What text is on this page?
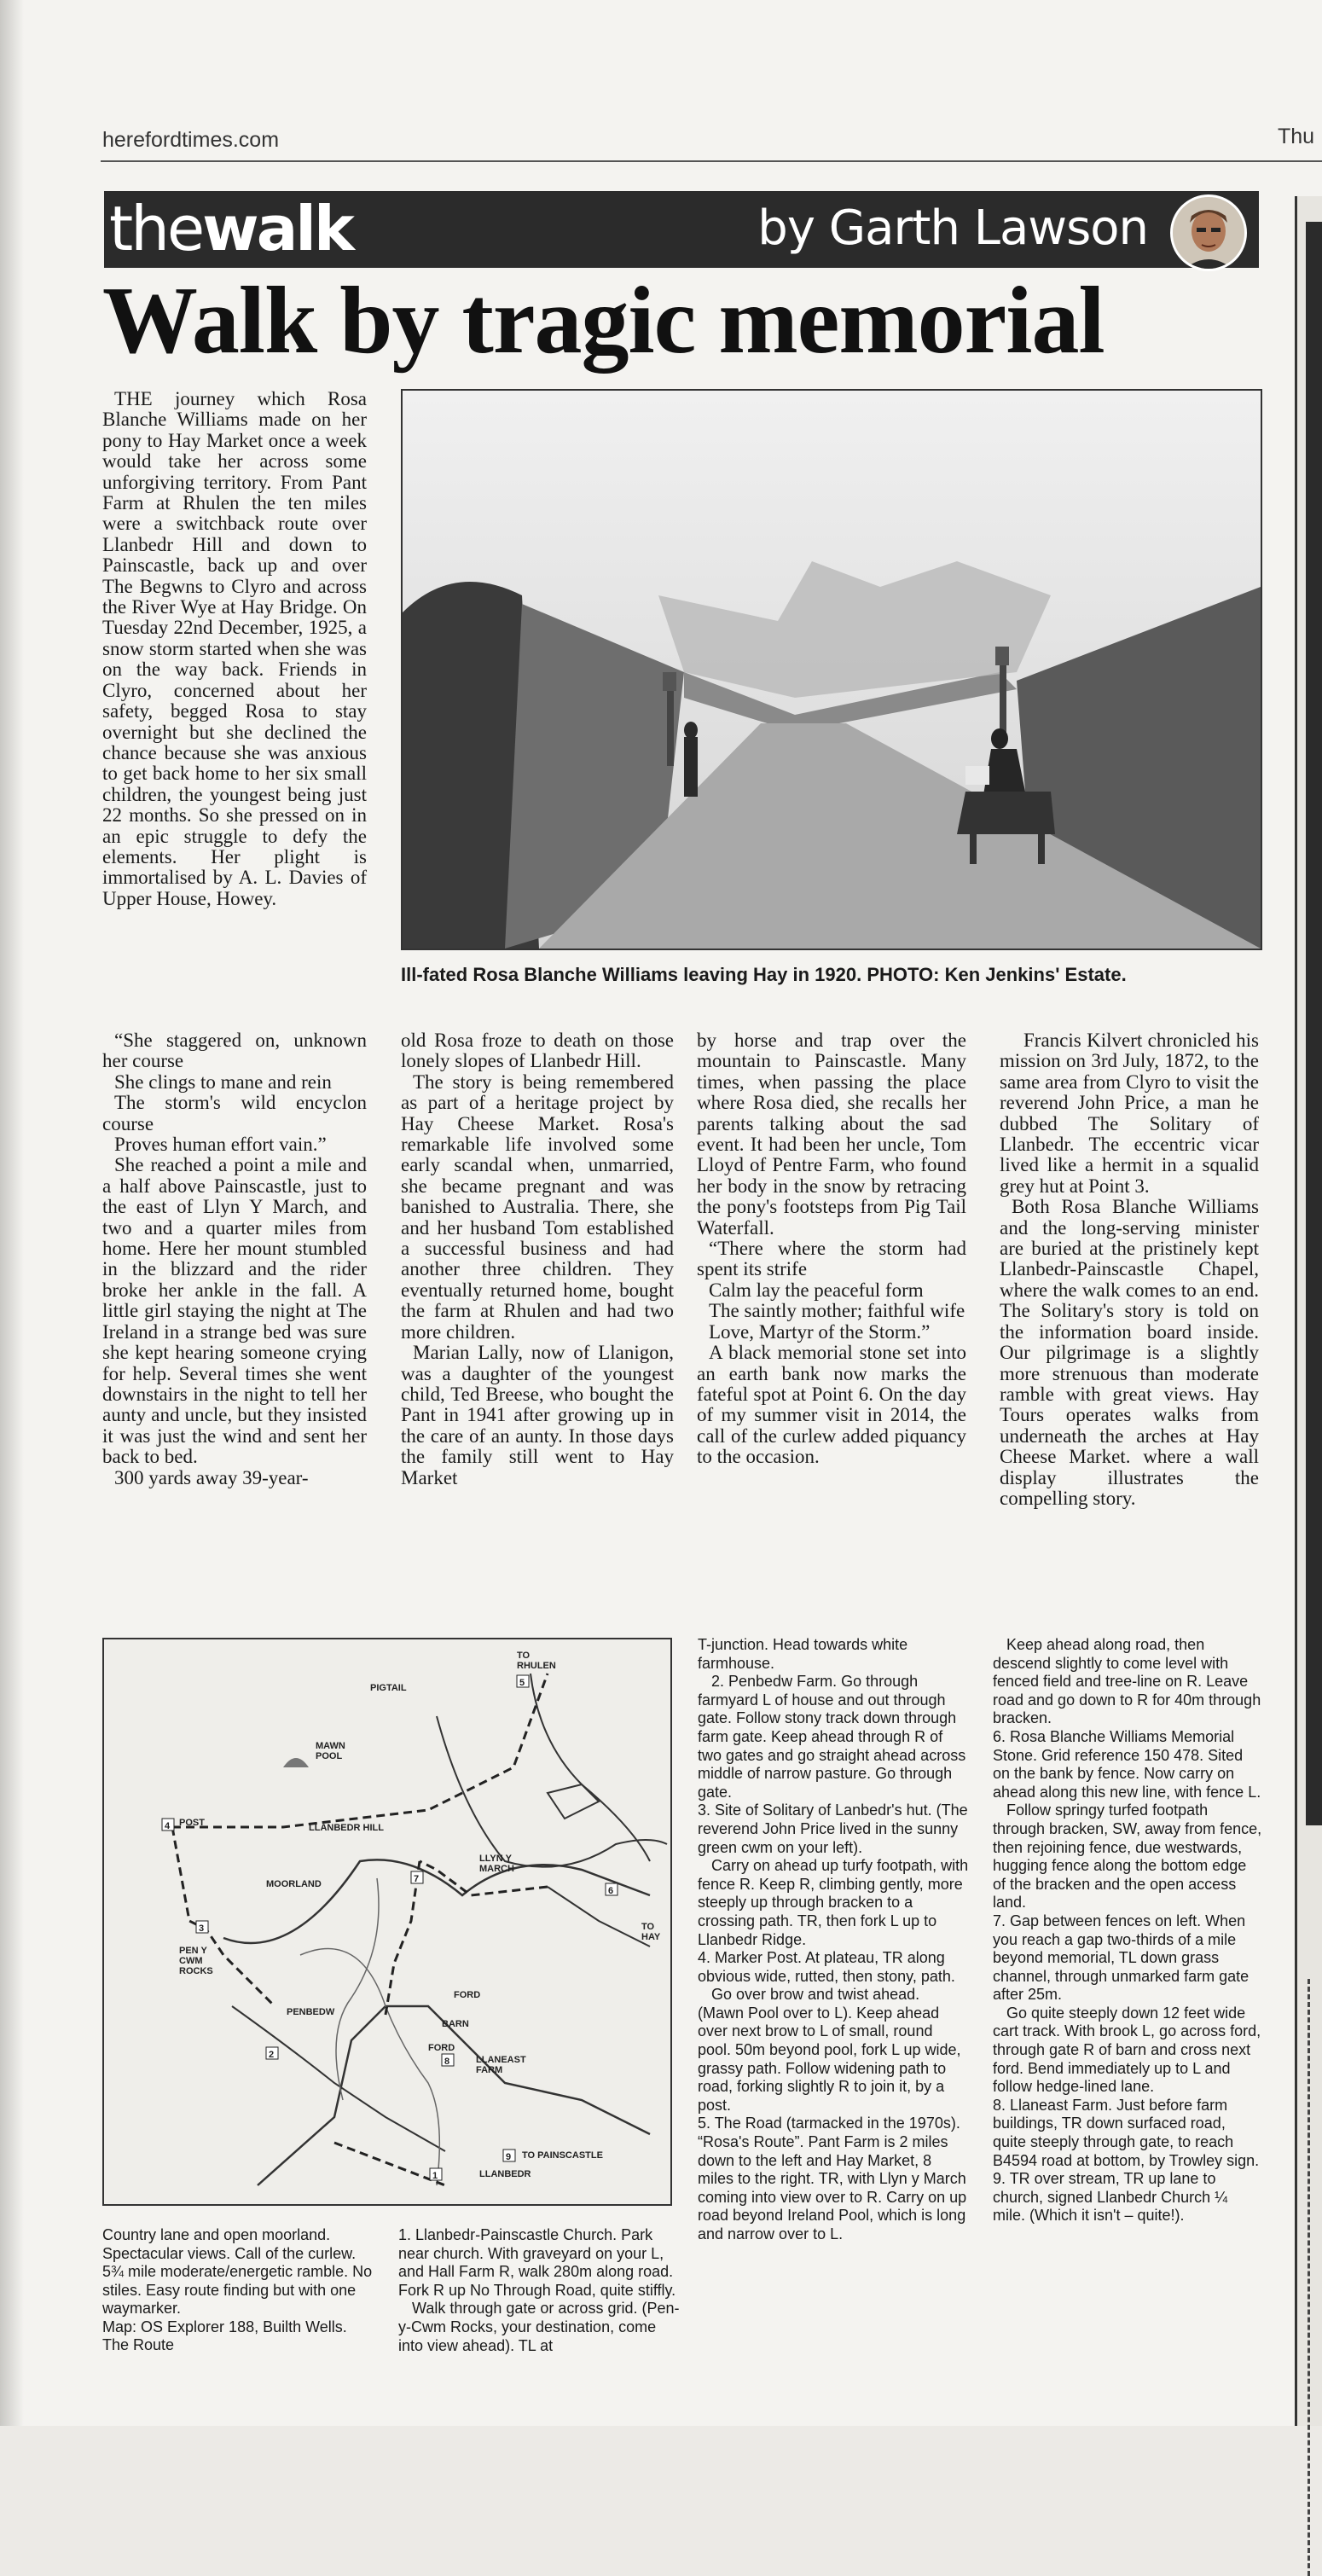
herefordtimes.com	Thu
thewalk	by Garth Lawson
Walk by tragic memorial
Ill-fated Rosa Blanche Williams leaving Hay in 1920. PHOTO: Ken Jenkins' Estate.

THE journey which Rosa Blanche Williams made on her pony to Hay Market once a week would take her across some unforgiving territory. From Pant Farm at Rhulen the ten miles were a switchback route over Llanbedr Hill and down to Painscastle, back up and over The Begwns to Clyro and across the River Wye at Hay Bridge. On Tuesday 22nd December, 1925, a snow storm started when she was on the way back. Friends in Clyro, concerned about her safety, begged Rosa to stay overnight but she declined the chance because she was anxious to get back home to her six small children, the youngest being just 22 months. So she pressed on in an epic struggle to defy the elements. Her plight is immortalised by A. L. Davies of Upper House, Howey.

“She staggered on, unknown her course

She clings to mane and rein

The storm's wild encyclon course

Proves human effort vain.”

She reached a point a mile and a half above Painscastle, just to the east of Llyn Y March, and two and a quarter miles from home. Here her mount stumbled in the blizzard and the rider broke her ankle in the fall. A little girl staying the night at The Ireland in a strange bed was sure she kept hearing someone crying for help. Several times she went downstairs in the night to tell her aunty and uncle, but they insisted it was just the wind and sent her back to bed.

300 yards away 39-year-

old Rosa froze to death on those lonely slopes of Llanbedr Hill.

The story is being remembered as part of a heritage project by Hay Cheese Market. Rosa's remarkable life involved some early scandal when, unmarried, she became pregnant and was banished to Australia. There, she and her husband Tom established a successful business and had another three children. They eventually returned home, bought the farm at Rhulen and had two more children.

Marian Lally, now of Llanigon, was a daughter of the youngest child, Ted Breese, who bought the Pant in 1941 after growing up in the care of an aunty. In those days the family still went to Hay Market

by horse and trap over the mountain to Painscastle. Many times, when passing the place where Rosa died, she recalls her parents talking about the sad event. It had been her uncle, Tom Lloyd of Pentre Farm, who found her body in the snow by retracing the pony's footsteps from Pig Tail Waterfall.

“There where the storm had spent its strife

Calm lay the peaceful form

The saintly mother; faithful wife

Love, Martyr of the Storm.”

A black memorial stone set into an earth bank now marks the fateful spot at Point 6. On the day of my summer visit in 2014, the call of the curlew added piquancy to the occasion.

Francis Kilvert chronicled his mission on 3rd July, 1872, to the same area from Clyro to visit the reverend John Price, a man he dubbed The Solitary of Llanbedr. The eccentric vicar lived like a hermit in a squalid grey hut at Point 3.

Both Rosa Blanche Williams and the long-serving minister are buried at the pristinely kept Llanbedr-Painscastle Chapel, where the walk comes to an end. The Solitary's story is told on the information board inside. Our pilgrimage is a slightly more strenuous than moderate ramble with great views. Hay Tours operates walks from underneath the arches at Hay Cheese Market. where a wall display illustrates the compelling story.

PIGTAIL
TO RHULEN
MAWN POOL
POST	LLANBEDR HILL
LLYN Y MARCH
MOORLAND
TO HAY
PEN Y CWM ROCKS
PENBEDW
FORD
BARN
FORD
LLANEAST FARM
TO PAINSCASTLE
LLANBEDR
1
2
3
4
5
6
7
8
9
Country lane and open moorland. Spectacular views. Call of the curlew.
5¾ mile moderate/energetic ramble. No stiles. Easy route finding but with one waymarker.
Map: OS Explorer 188, Builth Wells.
The Route

1. Llanbedr-Painscastle Church. Park near church. With graveyard on your L, and Hall Farm R, walk 280m along road. Fork R up No Through Road, quite stiffly.

Walk through gate or across grid. (Pen-y-Cwm Rocks, your destination, come into view ahead). TL at

T-junction. Head towards white farmhouse.

2. Penbedw Farm. Go through farmyard L of house and out through gate. Follow stony track down through farm gate. Keep ahead through R of two gates and go straight ahead across middle of narrow pasture. Go through gate.

3. Site of Solitary of Lanbedr's hut. (The reverend John Price lived in the sunny green cwm on your left).

Carry on ahead up turfy footpath, with fence R. Keep R, climbing gently, more steeply up through bracken to a crossing path. TR, then fork L up to Llanbedr Ridge.

4. Marker Post. At plateau, TR along obvious wide, rutted, then stony, path.

Go over brow and twist ahead. (Mawn Pool over to L). Keep ahead over next brow to L of small, round pool. 50m beyond pool, fork L up wide, grassy path. Follow widening path to road, forking slightly R to join it, by a post.

5. The Road (tarmacked in the 1970s). “Rosa's Route”. Pant Farm is 2 miles down to the left and Hay Market, 8 miles to the right. TR, with Llyn y March coming into view over to R. Carry on up road beyond Ireland Pool, which is long and narrow over to L.

Keep ahead along road, then descend slightly to come level with fenced field and tree-line on R. Leave road and go down to R for 40m through bracken.

6. Rosa Blanche Williams Memorial Stone. Grid reference 150 478. Sited on the bank by fence. Now carry on ahead along this new line, with fence L.

Follow springy turfed footpath through bracken, SW, away from fence, then rejoining fence, due westwards, hugging fence along the bottom edge of the bracken and the open access land.

7. Gap between fences on left. When you reach a gap two-thirds of a mile beyond memorial, TL down grass channel, through unmarked farm gate after 25m.

Go quite steeply down 12 feet wide cart track. With brook L, go across ford, through gate R of barn and cross next ford. Bend immediately up to L and follow hedge-lined lane.

8. Llaneast Farm. Just before farm buildings, TR down surfaced road, quite steeply through gate, to reach B4594 road at bottom, by Trowley sign.

9. TR over stream, TR up lane to church, signed Llanbedr Church ¼ mile. (Which it isn't – quite!).
